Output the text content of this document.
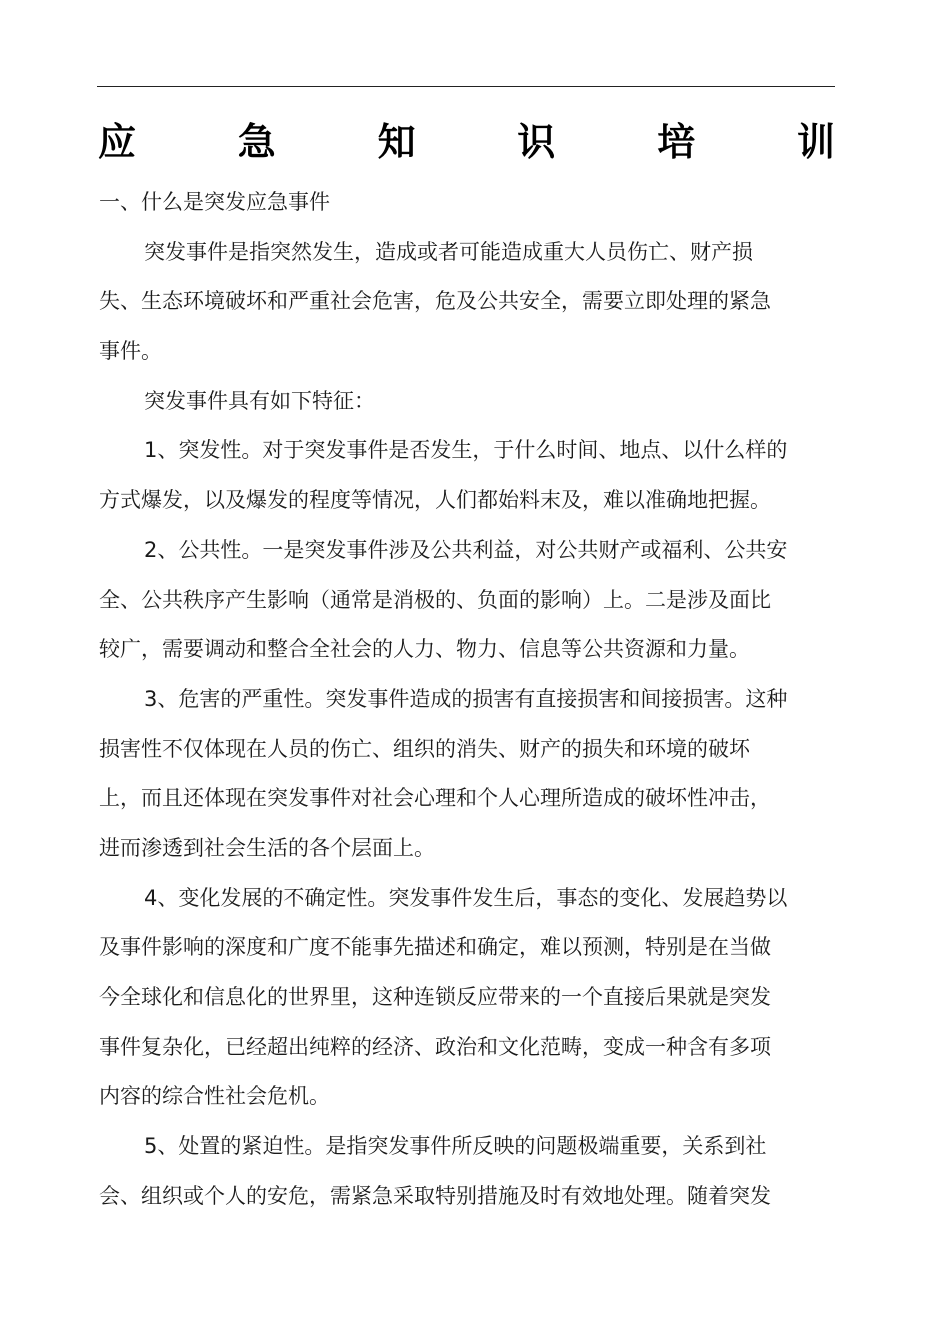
应	急	知	识	培	训
一、什么是突发应急事件
突发事件是指突然发生，造成或者可能造成重大人员伤亡、财产损
失、生态环境破坏和严重社会危害，危及公共安全，需要立即处理的紧急
事件。
突发事件具有如下特征：
1、突发性。对于突发事件是否发生，于什么时间、地点、以什么样的
方式爆发，以及爆发的程度等情况，人们都始料末及，难以准确地把握。
2、公共性。一是突发事件涉及公共利益，对公共财产或福利、公共安
全、公共秩序产生影响（通常是消极的、负面的影响）上。二是涉及面比
较广，需要调动和整合全社会的人力、物力、信息等公共资源和力量。
3、危害的严重性。突发事件造成的损害有直接损害和间接损害。这种
损害性不仅体现在人员的伤亡、组织的消失、财产的损失和环境的破坏
上，而且还体现在突发事件对社会心理和个人心理所造成的破坏性冲击，
进而渗透到社会生活的各个层面上。
4、变化发展的不确定性。突发事件发生后，事态的变化、发展趋势以
及事件影响的深度和广度不能事先描述和确定，难以预测，特别是在当做
今全球化和信息化的世界里，这种连锁反应带来的一个直接后果就是突发
事件复杂化，已经超出纯粹的经济、政治和文化范畴，变成一种含有多项
内容的综合性社会危机。
5、处置的紧迫性。是指突发事件所反映的问题极端重要，关系到社
会、组织或个人的安危，需紧急采取特别措施及时有效地处理。随着突发
